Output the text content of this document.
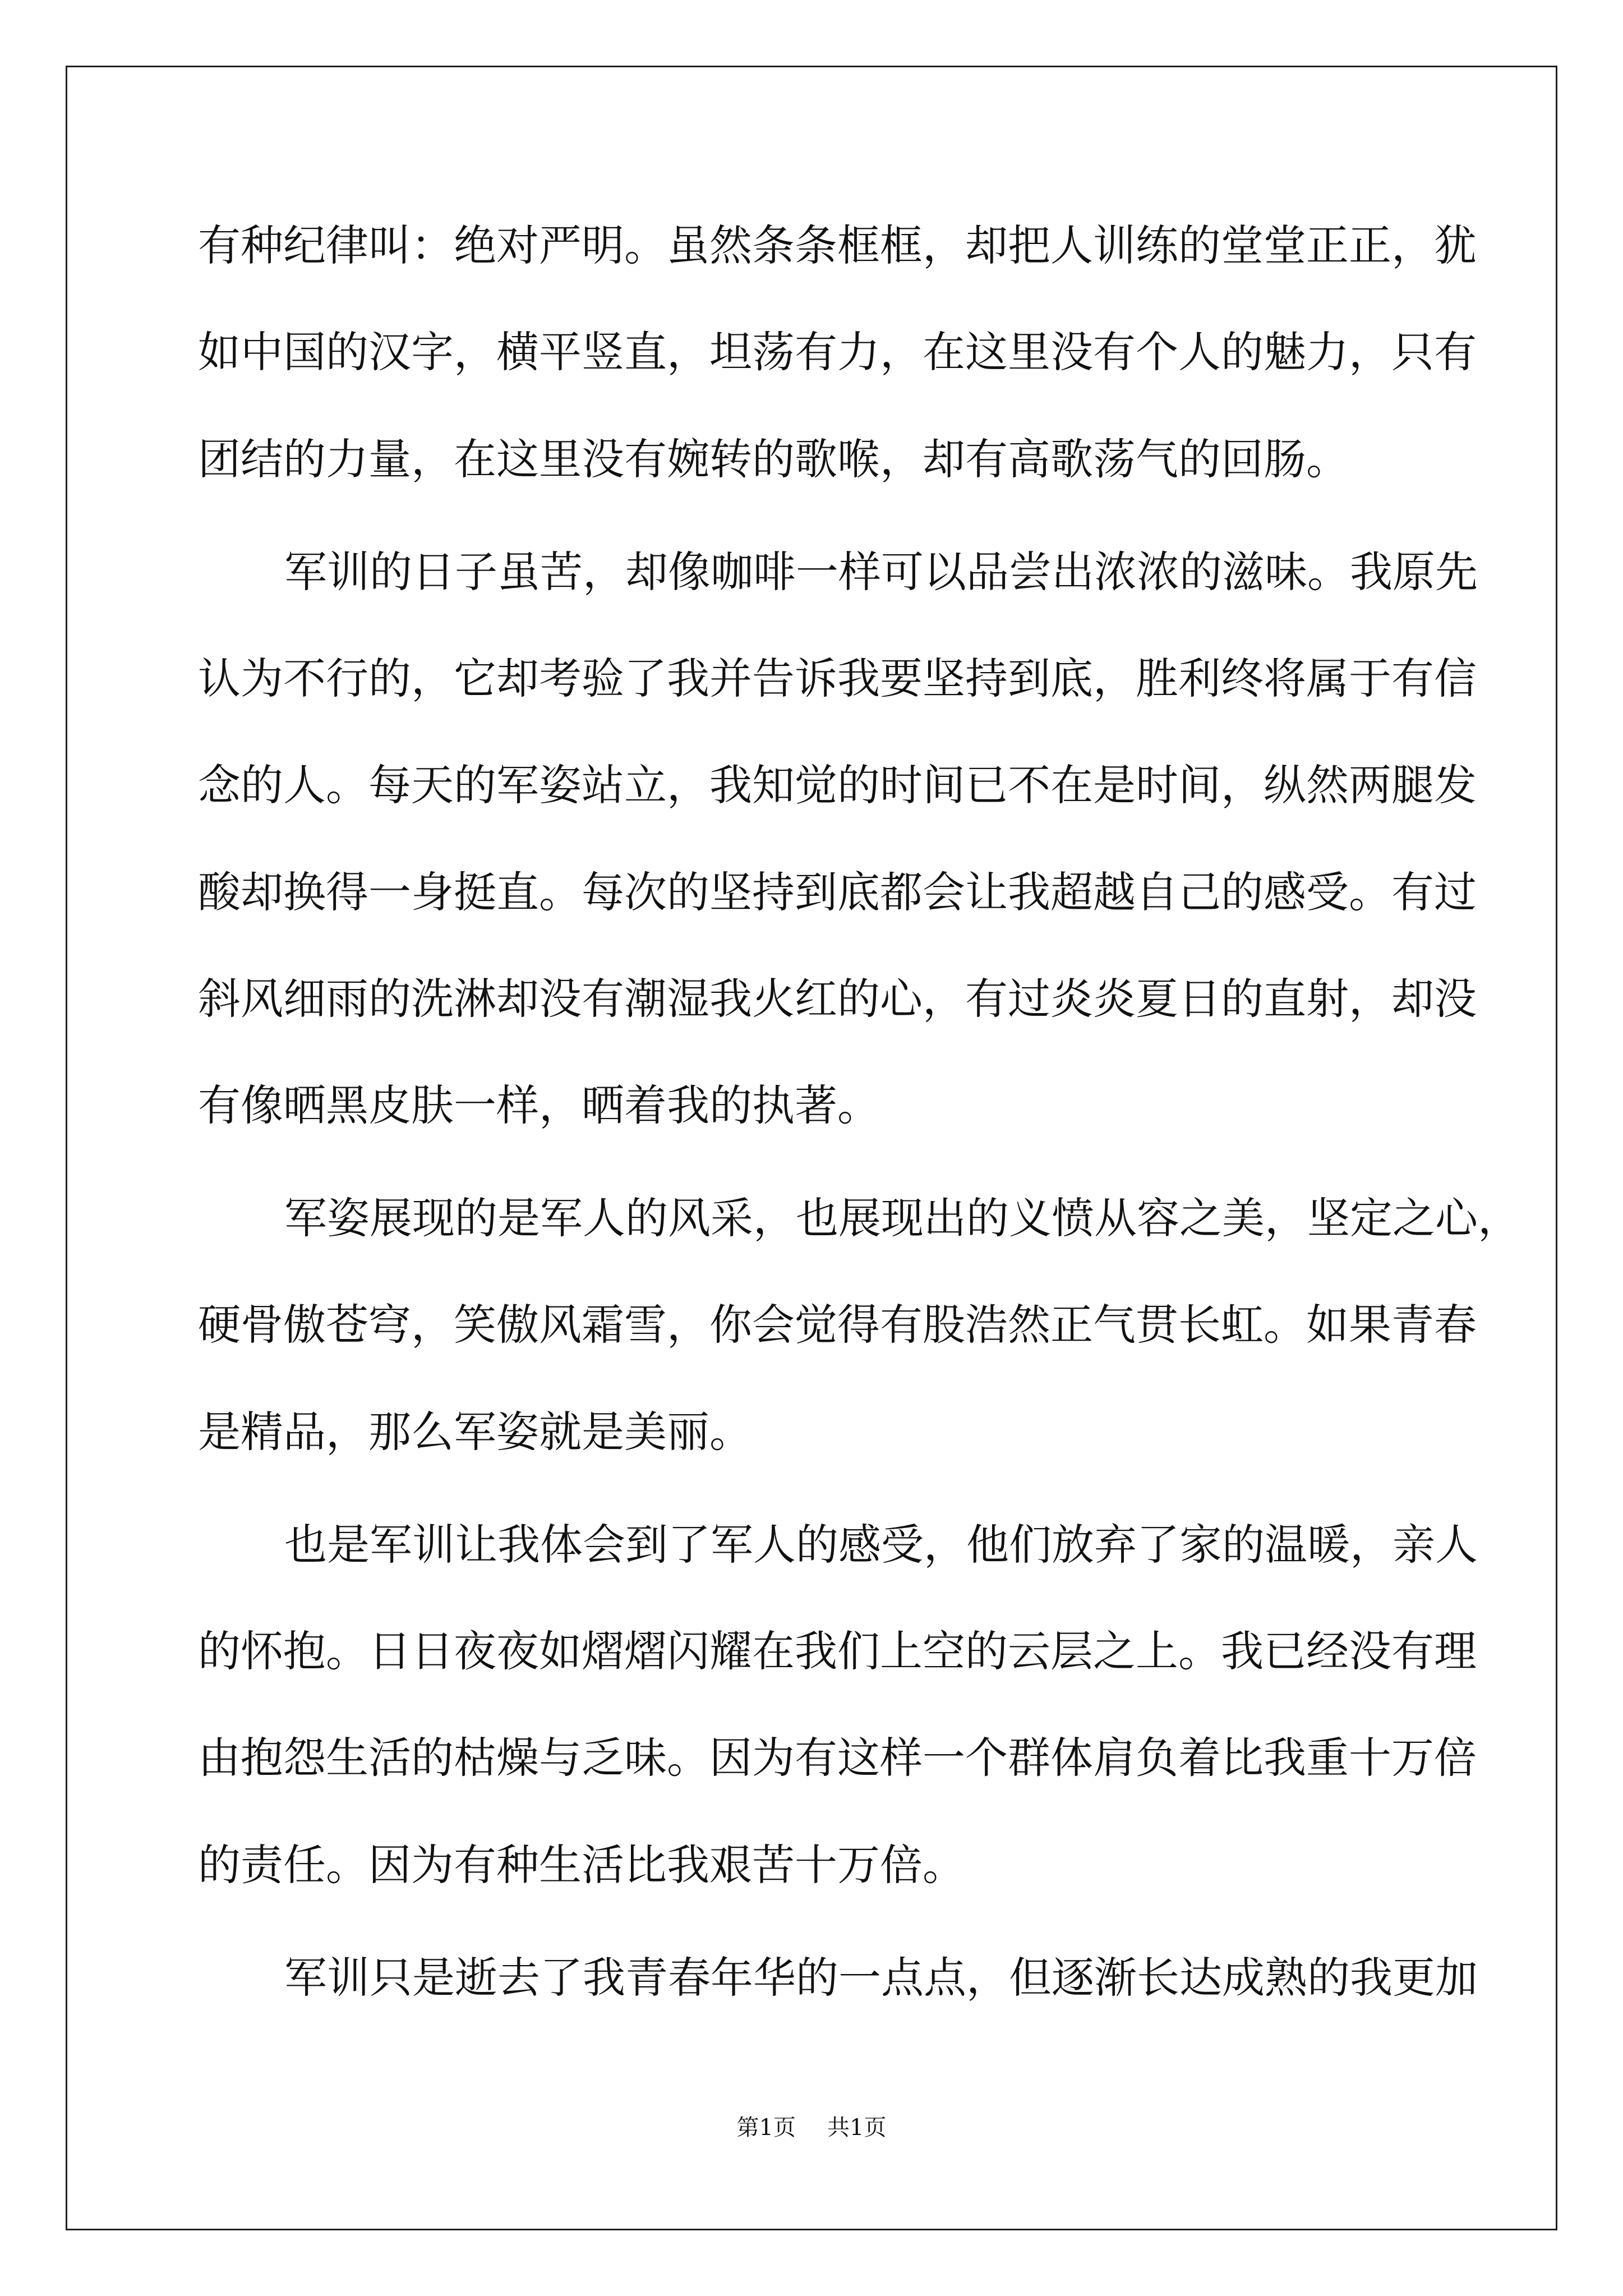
有种纪律叫：绝对严明。虽然条条框框，却把人训练的堂堂正正，犹

如中国的汉字，横平竖直，坦荡有力，在这里没有个人的魅力，只有

团结的力量，在这里没有婉转的歌喉，却有高歌荡气的回肠。

军训的日子虽苦，却像咖啡一样可以品尝出浓浓的滋味。我原先

认为不行的，它却考验了我并告诉我要坚持到底，胜利终将属于有信

念的人。每天的军姿站立，我知觉的时间已不在是时间，纵然两腿发

酸却换得一身挺直。每次的坚持到底都会让我超越自己的感受。有过

斜风细雨的洗淋却没有潮湿我火红的心，有过炎炎夏日的直射，却没

有像晒黑皮肤一样，晒着我的执著。

军姿展现的是军人的风采，也展现出的义愤从容之美，坚定之心，

硬骨傲苍穹，笑傲风霜雪，你会觉得有股浩然正气贯长虹。如果青春

是精品，那么军姿就是美丽。

也是军训让我体会到了军人的感受，他们放弃了家的温暖，亲人

的怀抱。日日夜夜如熠熠闪耀在我们上空的云层之上。我已经没有理

由抱怨生活的枯燥与乏味。因为有这样一个群体肩负着比我重十万倍

的责任。因为有种生活比我艰苦十万倍。

军训只是逝去了我青春年华的一点点，但逐渐长达成熟的我更加

第1页 共1页
